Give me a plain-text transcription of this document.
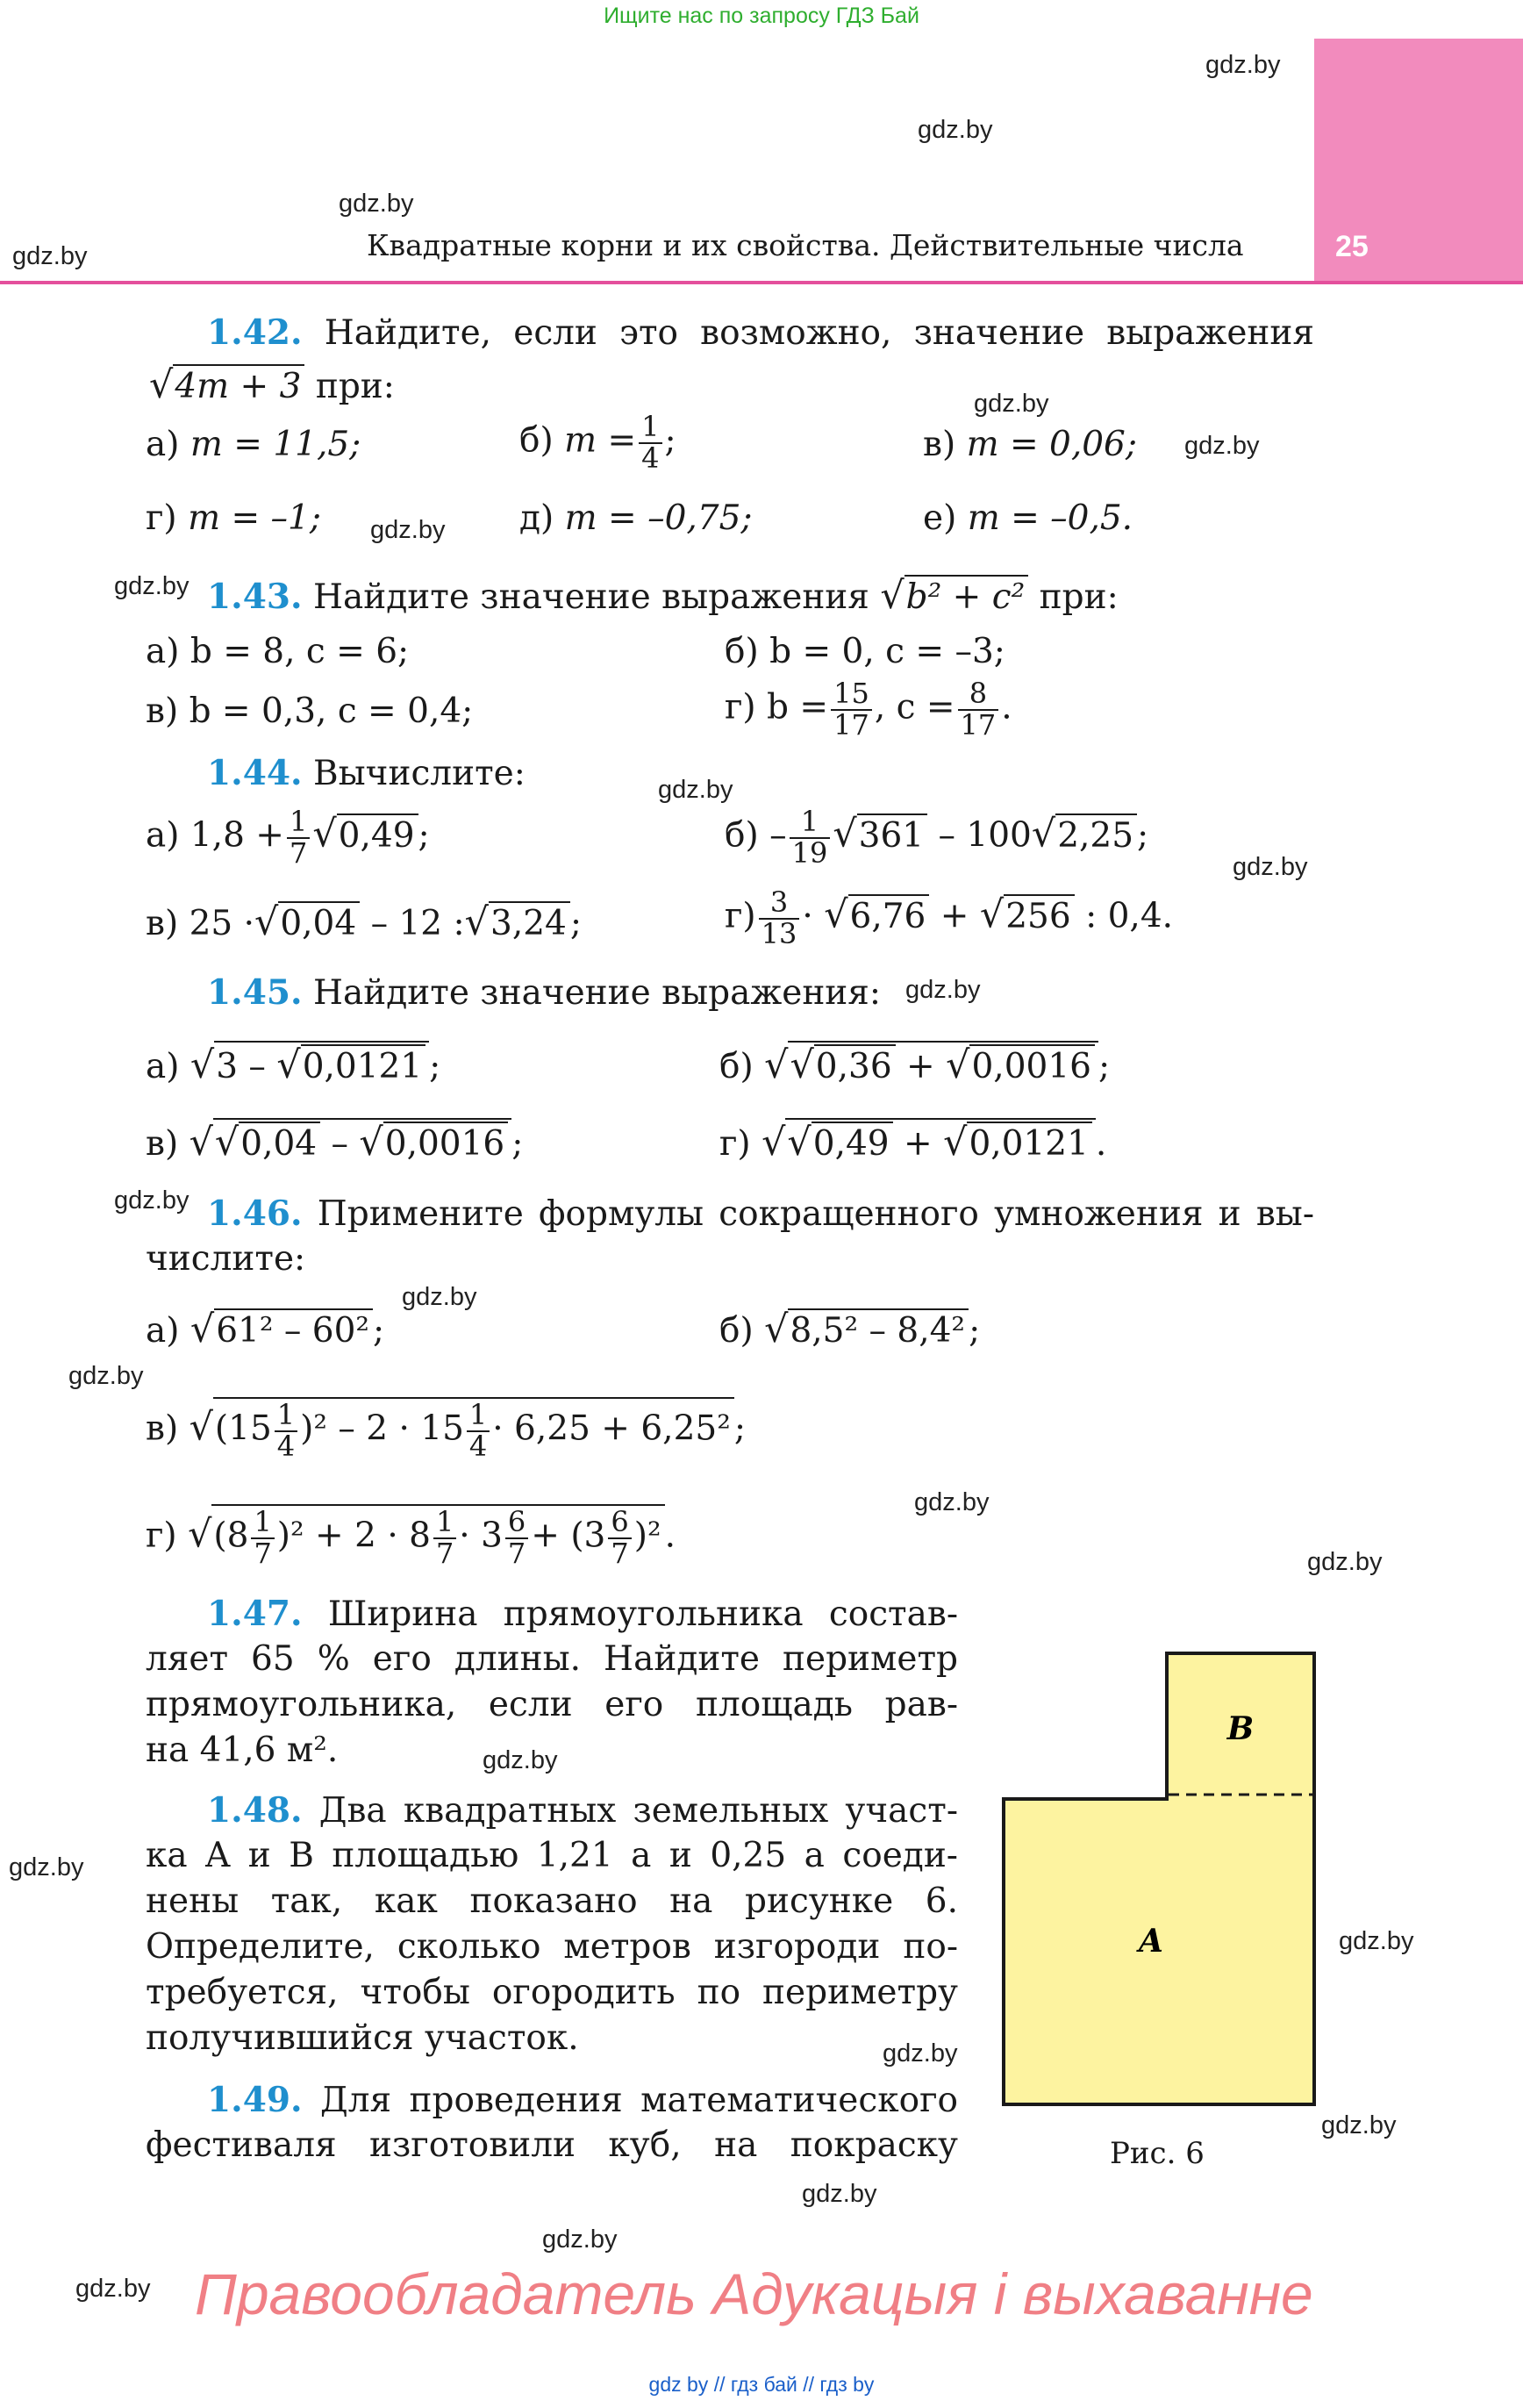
Ищите нас по запросу ГДЗ Бай
25
Квадратные корни и их свойства. Действительные числа
gdz.by
gdz.by
gdz.by
gdz.by
gdz.by
gdz.by
gdz.by
gdz.by
gdz.by
gdz.by
gdz.by
gdz.by
gdz.by
gdz.by
gdz.by
gdz.by
gdz.by
gdz.by
gdz.by
gdz.by
gdz.by
gdz.by
gdz.by
gdz.by
1.42. Найдите, если это возможно, значение выражения
√4m + 3 при:
а) m = 11,5;	б) $m = \frac{1}{4}$ ;	в) m = 0,06;
г) m = –1;	д) m = –0,75;	е) m = –0,5.
1.43. Найдите значение выражения √b² + c² при:
а) b = 8, c = 6;	б) b = 0, c = –3;
в) b = 0,3, c = 0,4;	г) $b = \frac{15}{17}$ , $c = \frac{8}{17}$ .
1.44. Вычислите:
а) $1,8 + \frac{1}{7} √0,49$ ;	$б) - \frac{1}{19} √361 - 100√2,25$ ;
в) 25 ·√0,04 – 12 :√3,24 ;	$г) \frac{3}{13} \cdot √6,76 + √256$ : 0,4.
1.45. Найдите значение выражения:
а) √3 – √0,0121 ;	б) √√0,36 + √0,0016 ;
в) √√0,04 – √0,0016 ;	г) √√0,49 + √0,0121 .
1.46. Примените формулы сокращенного умножения и вы-
числите:
а) √61² – 60² ;	б) √8,5² – 8,4² ;
в) $√(15 \frac{1}{4} )^2 - 2 \cdot 15 \frac{1}{4} \cdot 6,25 + 6,25^2$ ;
г) $√(8 \frac{1}{7} )^2 + 2 \cdot 8 \frac{1}{7} \cdot 3 \frac{6}{7} + (3 \frac{6}{7} )^2$ .
1.47. Ширина прямоугольника состав-
ляет 65 % его длины. Найдите периметр
прямоугольника, если его площадь рав-
на 41,6 м².
1.48. Два квадратных земельных участ-
ка A и B площадью 1,21 а и 0,25 а соеди-
нены так, как показано на рисунке 6.
Определите, сколько метров изгороди по-
требуется, чтобы огородить по периметру
получившийся участок.
1.49. Для проведения математического
фестиваля изготовили куб, на покраску
B
A
Рис. 6
Правообладатель Адукацыя і выхаванне
gdz by // гдз бай // гдз by
